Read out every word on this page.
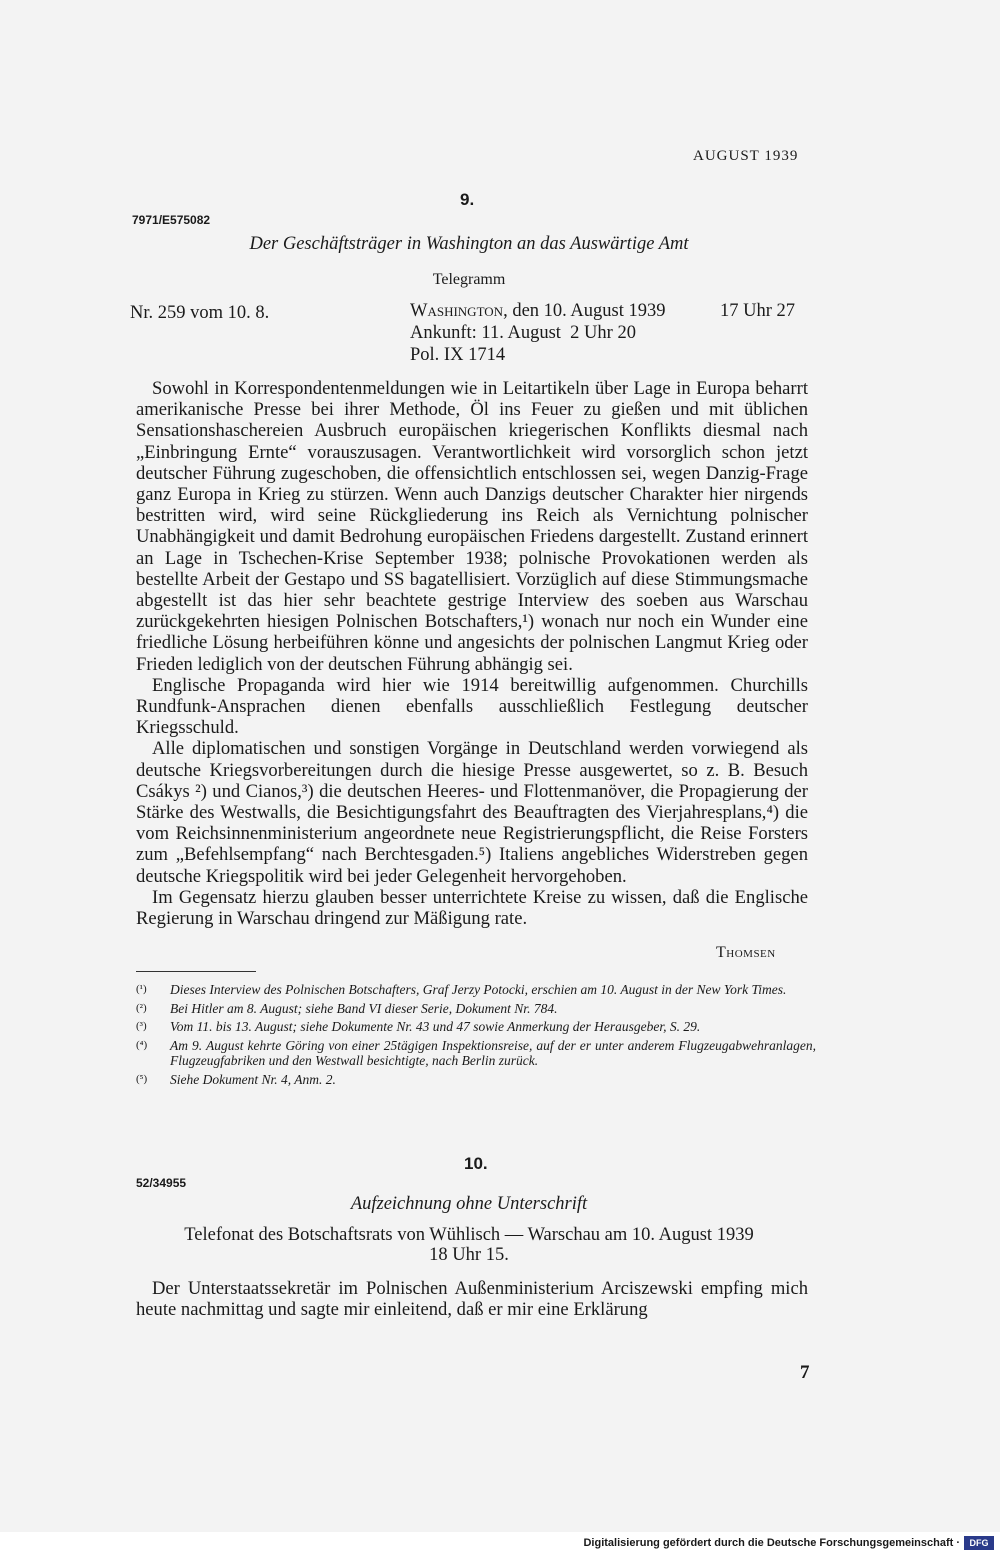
AUGUST 1939
9.
7971/E575082
Der Geschäftsträger in Washington an das Auswärtige Amt
Telegramm
Nr. 259 vom 10. 8.	Washington, den 10. August 1939	17 Uhr 27
Ankunft: 11. August  2 Uhr 20
Pol. IX 1714

Sowohl in Korrespondentenmeldungen wie in Leitartikeln über Lage in Europa beharrt amerikanische Presse bei ihrer Methode, Öl ins Feuer zu gießen und mit üblichen Sensationshaschereien Ausbruch europäischen kriegerischen Konflikts diesmal nach „Einbringung Ernte“ vorauszusagen. Verantwortlichkeit wird vorsorglich schon jetzt deutscher Führung zugeschoben, die offensichtlich entschlossen sei, wegen Danzig-Frage ganz Europa in Krieg zu stürzen. Wenn auch Danzigs deutscher Charakter hier nirgends bestritten wird, wird seine Rückgliederung ins Reich als Vernichtung polnischer Unabhängigkeit und damit Bedrohung europäischen Friedens dargestellt. Zustand erinnert an Lage in Tschechen-Krise September 1938; polnische Provokationen werden als bestellte Arbeit der Gestapo und SS bagatellisiert. Vorzüglich auf diese Stimmungsmache abgestellt ist das hier sehr beachtete gestrige Interview des soeben aus Warschau zurückgekehrten hiesigen Polnischen Botschafters,¹) wonach nur noch ein Wunder eine friedliche Lösung herbeiführen könne und angesichts der polnischen Langmut Krieg oder Frieden lediglich von der deutschen Führung abhängig sei.

Englische Propaganda wird hier wie 1914 bereitwillig aufgenommen. Churchills Rundfunk-Ansprachen dienen ebenfalls ausschließlich Festlegung deutscher Kriegsschuld.

Alle diplomatischen und sonstigen Vorgänge in Deutschland werden vorwiegend als deutsche Kriegsvorbereitungen durch die hiesige Presse ausgewertet, so z. B. Besuch Csákys ²) und Cianos,³) die deutschen Heeres- und Flottenmanöver, die Propagierung der Stärke des Westwalls, die Besichtigungsfahrt des Beauftragten des Vierjahresplans,⁴) die vom Reichsinnenministerium angeordnete neue Registrierungspflicht, die Reise Forsters zum „Befehlsempfang“ nach Berchtesgaden.⁵) Italiens angebliches Widerstreben gegen deutsche Kriegspolitik wird bei jeder Gelegenheit hervorgehoben.

Im Gegensatz hierzu glauben besser unterrichtete Kreise zu wissen, daß die Englische Regierung in Warschau dringend zur Mäßigung rate.

Thomsen
(¹)	Dieses Interview des Polnischen Botschafters, Graf Jerzy Potocki, erschien am 10. August in der New York Times.
(²)	Bei Hitler am 8. August; siehe Band VI dieser Serie, Dokument Nr. 784.
(³)	Vom 11. bis 13. August; siehe Dokumente Nr. 43 und 47 sowie Anmerkung der Herausgeber, S. 29.
(⁴)	Am 9. August kehrte Göring von einer 25tägigen Inspektionsreise, auf der er unter anderem Flugzeugabwehranlagen, Flugzeugfabriken und den Westwall besichtigte, nach Berlin zurück.
(⁵)	Siehe Dokument Nr. 4, Anm. 2.
10.
52/34955
Aufzeichnung ohne Unterschrift
Telefonat des Botschaftsrats von Wühlisch — Warschau am 10. August 1939
18 Uhr 15.

Der Unterstaatssekretär im Polnischen Außenministerium Arciszewski empfing mich heute nachmittag und sagte mir einleitend, daß er mir eine Erklärung

7
Digitalisierung gefördert durch die Deutsche Forschungsgemeinschaft ·	DFG
